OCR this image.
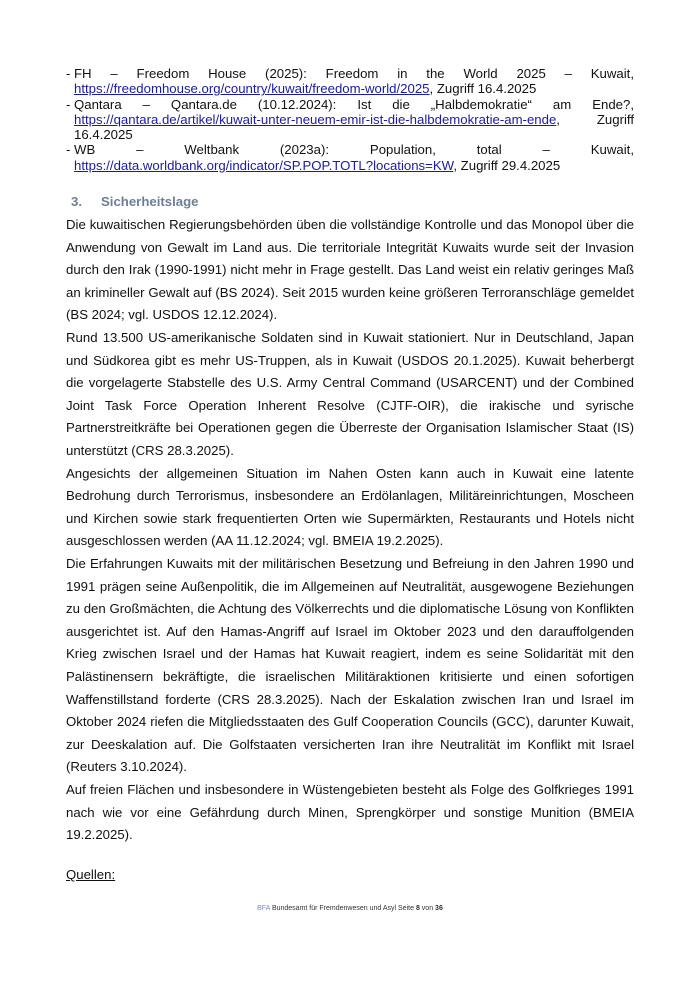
- FH – Freedom House (2025): Freedom in the World 2025 – Kuwait,
https://freedomhouse.org/country/kuwait/freedom-world/2025, Zugriff 16.4.2025
- Qantara – Qantara.de (10.12.2024): Ist die „Halbdemokratie“ am Ende?,
https://qantara.de/artikel/kuwait-unter-neuem-emir-ist-die-halbdemokratie-am-ende, Zugriff
16.4.2025
- WB – Weltbank (2023a): Population, total – Kuwait,
https://data.worldbank.org/indicator/SP.POP.TOTL?locations=KW, Zugriff 29.4.2025
3.	Sicherheitslage

Die kuwaitischen Regierungsbehörden üben die vollständige Kontrolle und das Monopol über die Anwendung von Gewalt im Land aus. Die territoriale Integrität Kuwaits wurde seit der Invasion durch den Irak (1990-1991) nicht mehr in Frage gestellt. Das Land weist ein relativ geringes Maß an krimineller Gewalt auf (BS 2024). Seit 2015 wurden keine größeren Terroranschläge gemeldet (BS 2024; vgl. USDOS 12.12.2024).

Rund 13.500 US-amerikanische Soldaten sind in Kuwait stationiert. Nur in Deutschland, Japan und Südkorea gibt es mehr US-Truppen, als in Kuwait (USDOS 20.1.2025). Kuwait beherbergt die vorgelagerte Stabstelle des U.S. Army Central Command (USARCENT) und der Combined Joint Task Force Operation Inherent Resolve (CJTF-OIR), die irakische und syrische Partnerstreitkräfte bei Operationen gegen die Überreste der Organisation Islamischer Staat (IS) unterstützt (CRS 28.3.2025).

Angesichts der allgemeinen Situation im Nahen Osten kann auch in Kuwait eine latente Bedrohung durch Terrorismus, insbesondere an Erdölanlagen, Militäreinrichtungen, Moscheen und Kirchen sowie stark frequentierten Orten wie Supermärkten, Restaurants und Hotels nicht ausgeschlossen werden (AA 11.12.2024; vgl. BMEIA 19.2.2025).

Die Erfahrungen Kuwaits mit der militärischen Besetzung und Befreiung in den Jahren 1990 und 1991 prägen seine Außenpolitik, die im Allgemeinen auf Neutralität, ausgewogene Beziehungen zu den Großmächten, die Achtung des Völkerrechts und die diplomatische Lösung von Konflikten ausgerichtet ist. Auf den Hamas-Angriff auf Israel im Oktober 2023 und den darauffolgenden Krieg zwischen Israel und der Hamas hat Kuwait reagiert, indem es seine Solidarität mit den Palästinensern bekräftigte, die israelischen Militäraktionen kritisierte und einen sofortigen Waffenstillstand forderte (CRS 28.3.2025). Nach der Eskalation zwischen Iran und Israel im Oktober 2024 riefen die Mitgliedsstaaten des Gulf Cooperation Councils (GCC), darunter Kuwait, zur Deeskalation auf. Die Golfstaaten versicherten Iran ihre Neutralität im Konflikt mit Israel (Reuters 3.10.2024).

Auf freien Flächen und insbesondere in Wüstengebieten besteht als Folge des Golfkrieges 1991 nach wie vor eine Gefährdung durch Minen, Sprengkörper und sonstige Munition (BMEIA 19.2.2025).

Quellen:
BFA Bundesamt für Fremdenwesen und Asyl Seite 8 von 36
